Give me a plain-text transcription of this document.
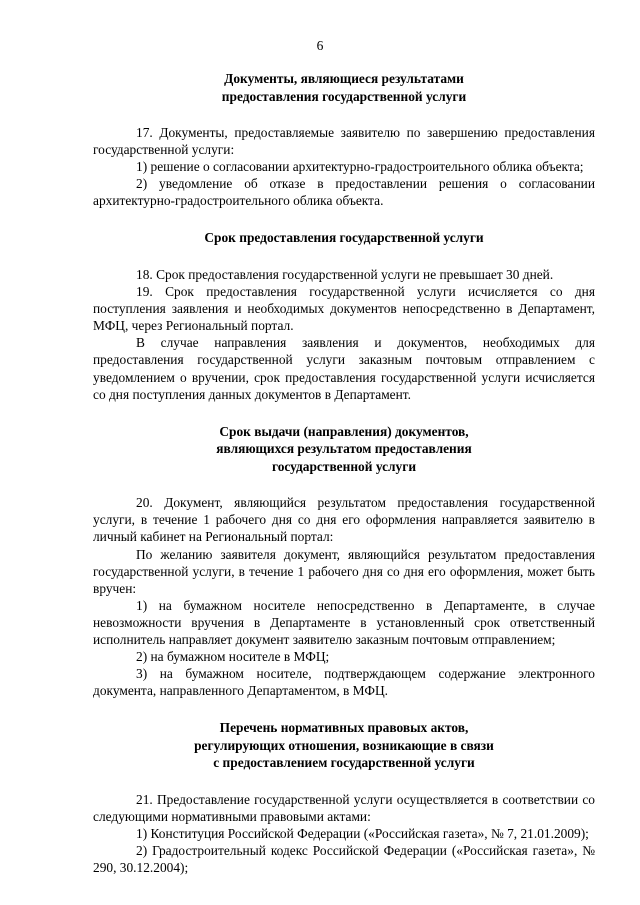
6
Документы, являющиеся результатами
предоставления государственной услуги

17. Документы, предоставляемые заявителю по завершению предоставления государственной услуги:

1) решение о согласовании архитектурно-градостроительного облика объекта;

2) уведомление об отказе в предоставлении решения о согласовании архитектурно-градостроительного облика объекта.

Срок предоставления государственной услуги

18. Срок предоставления государственной услуги не превышает 30 дней.

19. Срок предоставления государственной услуги исчисляется со дня поступления заявления и необходимых документов непосредственно в Департамент, МФЦ, через Региональный портал.

В случае направления заявления и документов, необходимых для предоставления государственной услуги заказным почтовым отправлением с уведомлением о вручении, срок предоставления государственной услуги исчисляется со дня поступления данных документов в Департамент.

Срок выдачи (направления) документов,
являющихся результатом предоставления
государственной услуги

20. Документ, являющийся результатом предоставления государственной услуги, в течение 1 рабочего дня со дня его оформления направляется заявителю в личный кабинет на Региональный портал:

По желанию заявителя документ, являющийся результатом предоставления государственной услуги, в течение 1 рабочего дня со дня его оформления, может быть вручен:

1) на бумажном носителе непосредственно в Департаменте, в случае невозможности вручения в Департаменте в установленный срок ответственный исполнитель направляет документ заявителю заказным почтовым отправлением;

2) на бумажном носителе в МФЦ;

3) на бумажном носителе, подтверждающем содержание электронного документа, направленного Департаментом, в МФЦ.

Перечень нормативных правовых актов,
регулирующих отношения, возникающие в связи
с предоставлением государственной услуги

21. Предоставление государственной услуги осуществляется в соответствии со следующими нормативными правовыми актами:

1) Конституция Российской Федерации («Российская газета», № 7, 21.01.2009);

2) Градостроительный кодекс Российской Федерации («Российская газета», № 290, 30.12.2004);
